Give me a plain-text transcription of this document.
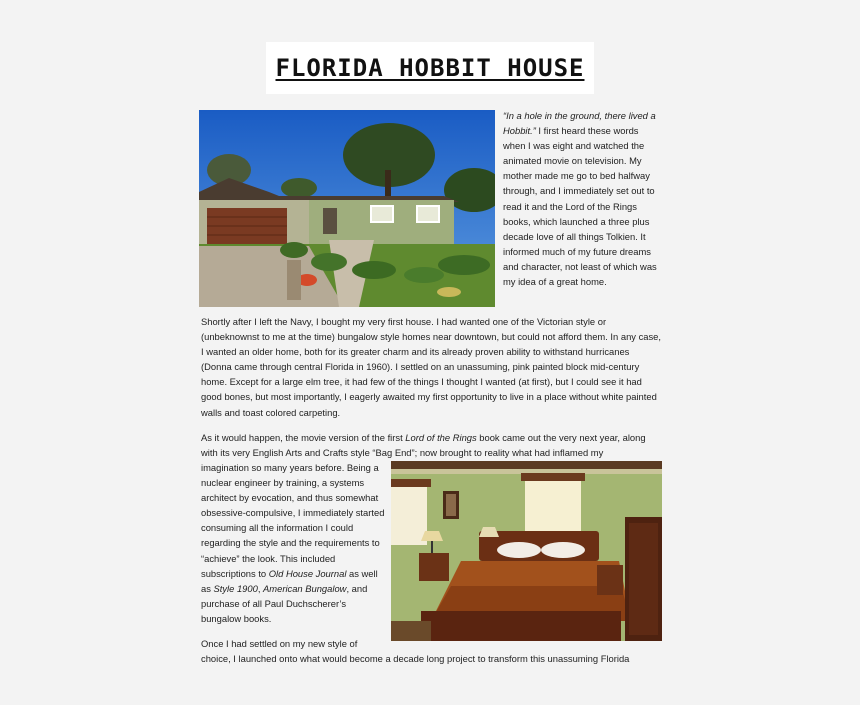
FLORIDA HOBBIT HOUSE

“In a hole in the ground, there lived a Hobbit.” I first heard these words when I was eight and watched the animated movie on television. My mother made me go to bed halfway through, and I immediately set out to read it and the Lord of the Rings books, which launched a three plus decade love of all things Tolkien. It informed much of my future dreams and character, not least of which was my idea of a great home.

Shortly after I left the Navy, I bought my very first house. I had wanted one of the Victorian style or (unbeknownst to me at the time) bungalow style homes near downtown, but could not afford them. In any case, I wanted an older home, both for its greater charm and its already proven ability to withstand hurricanes (Donna came through central Florida in 1960). I settled on an unassuming, pink painted block mid-century home. Except for a large elm tree, it had few of the things I thought I wanted (at first), but I could see it had good bones, but most importantly, I eagerly awaited my first opportunity to live in a place without white painted walls and toast colored carpeting.

As it would happen, the movie version of the first Lord of the Rings book came out the very next year, along with its very English Arts and Crafts style “Bag End”; now brought to reality what had inflamed my

imagination so many years before. Being a nuclear engineer by training, a systems architect by evocation, and thus somewhat obsessive-compulsive, I immediately started consuming all the information I could regarding the style and the requirements to “achieve” the look. This included subscriptions to Old House Journal as well as Style 1900, American Bungalow, and purchase of all Paul Duchscherer’s bungalow books.

Once I had settled on my new style of
choice, I launched onto what would become a decade long project to transform this unassuming Florida
